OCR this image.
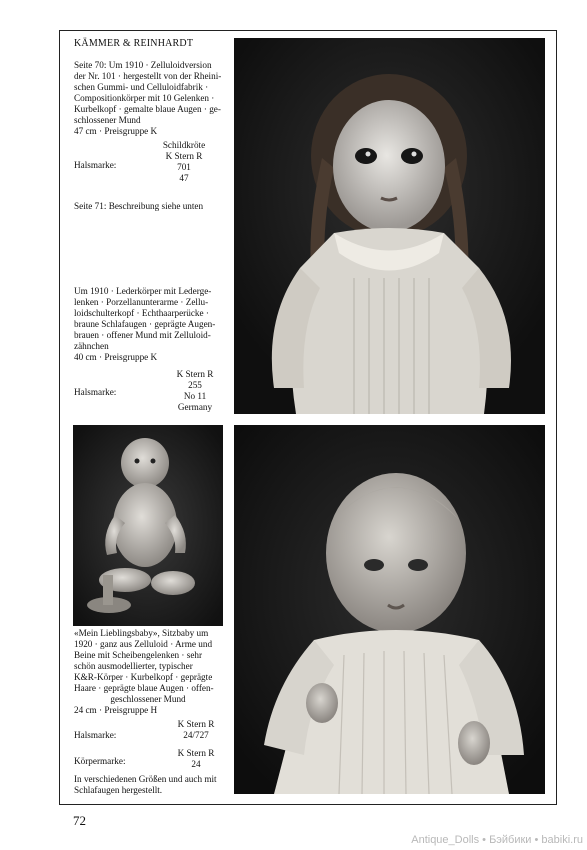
KÄMMER & REINHARDT
Seite 70: Um 1910 · Zelluloidversion
der Nr. 101 · hergestellt von der Rheini-
schen Gummi- und Celluloidfabrik ·
Compositionkörper mit 10 Gelenken ·
Kurbelkopf · gemalte blaue Augen · ge-
schlossener Mund
47 cm · Preisgruppe K
Halsmarke:
Schildkröte
K Stern R
701
47
Seite 71: Beschreibung siehe unten
Um 1910 · Lederkörper mit Lederge-
lenken · Porzellanunterarme · Zellu-
loidschulterkopf · Echthaarperücke ·
braune Schlafaugen · geprägte Augen-
brauen · offener Mund mit Zelluloid-
zähnchen
40 cm · Preisgruppe K
Halsmarke:
K Stern R
255
No 11
Germany
«Mein Lieblingsbaby», Sitzbaby um
1920 · ganz aus Zelluloid · Arme und
Beine mit Scheibengelenken · sehr
schön ausmodellierter, typischer
K&R-Körper · Kurbelkopf · geprägte
Haare · geprägte blaue Augen · offen-
geschlossener Mund
24 cm · Preisgruppe H
Halsmarke:
K Stern R
24/727
Körpermarke:
K Stern R
24
In verschiedenen Größen und auch mit
Schlafaugen hergestellt.
72
Antique_Dolls • Бэйбики • babiki.ru
